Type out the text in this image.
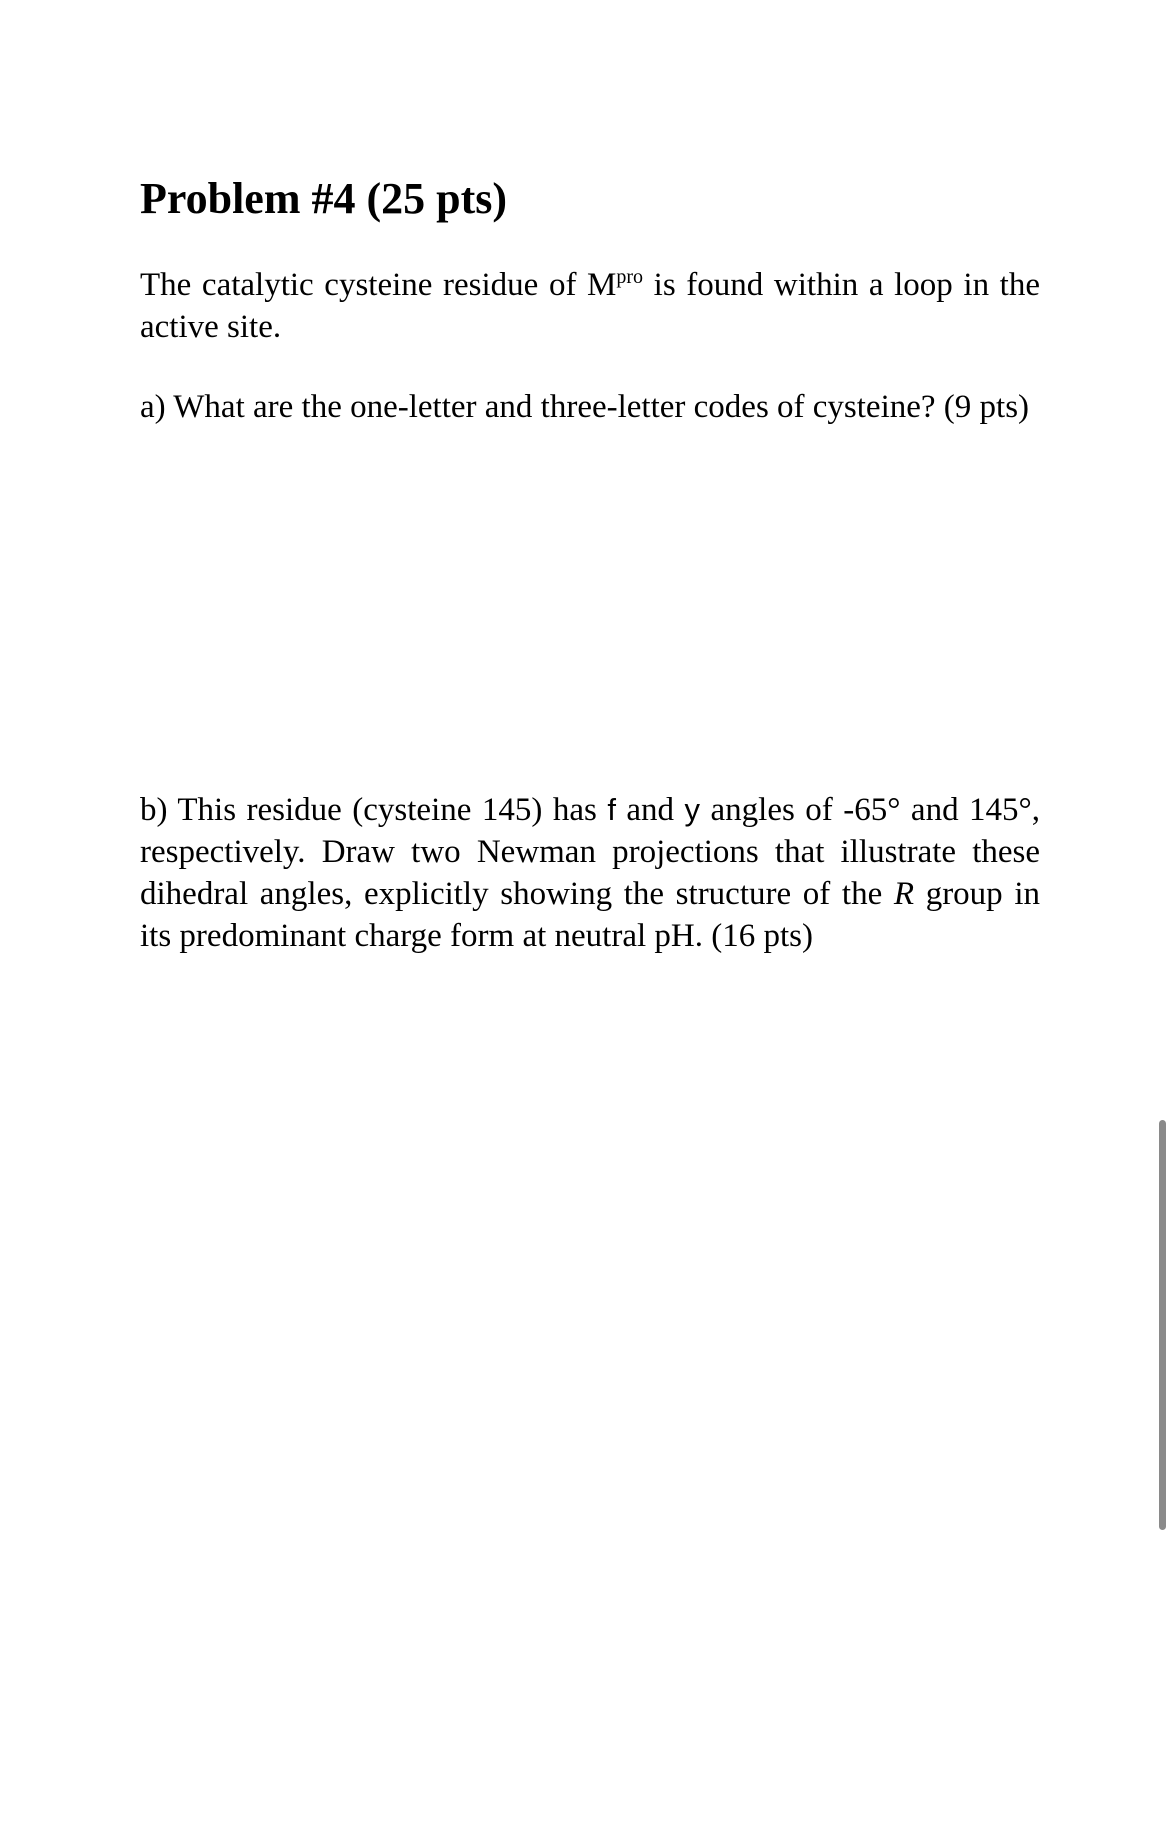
Problem #4 (25 pts)
The catalytic cysteine residue of $M^{pro}$ is found within a loop in the active site.
a) What are the one-letter and three-letter codes of cysteine? (9 pts)
b) This residue (cysteine 145) has f and y angles of -65° and 145°, respectively. Draw two Newman projections that illustrate these dihedral angles, explicitly showing the structure of the R group in its predominant charge form at neutral pH. (16 pts)
